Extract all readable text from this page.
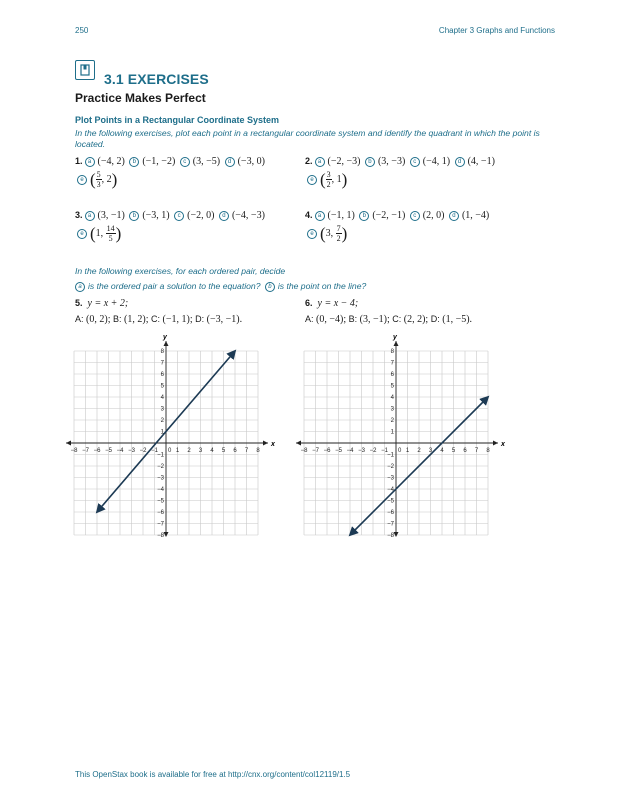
250	Chapter 3 Graphs and Functions
3.1 EXERCISES
Practice Makes Perfect
Plot Points in a Rectangular Coordinate System
In the following exercises, plot each point in a rectangular coordinate system and identify the quadrant in which the point is located.
1. a (−4, 2) b (−1, −2) c (3, −5) d (−3, 0)
e ( $\frac{5}{3}$ , 2)
2. a (−2, −3) b (3, −3) c (−4, 1) d (4, −1)
e ( $\frac{3}{2}$ , 1)
3. a (3, −1) b (−3, 1) c (−2, 0) d (−4, −3)
e (1, $\frac{14}{5}$ )
4. a (−1, 1) b (−2, −1) c (2, 0) d (1, −4)
e (3, $\frac{7}{2}$ )
In the following exercises, for each ordered pair, decide
a is the ordered pair a solution to the equation? b is the point on the line?
5. y = x + 2;
A: (0, 2); B: (1, 2); C: (−1, 1); D: (−3, −1).
6. y = x − 4;
A: (0, −4); B: (3, −1); C: (2, 2); D: (1, −5).
x
y
−8 −7 −6 −5 −4 −3 −2 −1	1 2 3 4 5 6 7 8
−8
−7
−6
−5
−4
−3
−2
−1
1
2
3
4
5
6
7
8
0
x
y
−8 −7 −6 −5 −4 −3 −2 −1	1 2 3 4 5 6 7 8
−8
−7
−6
−5
−4
−3
−2
−1
1
2
3
4
5
6
7
8
0
This OpenStax book is available for free at http://cnx.org/content/col12119/1.5
